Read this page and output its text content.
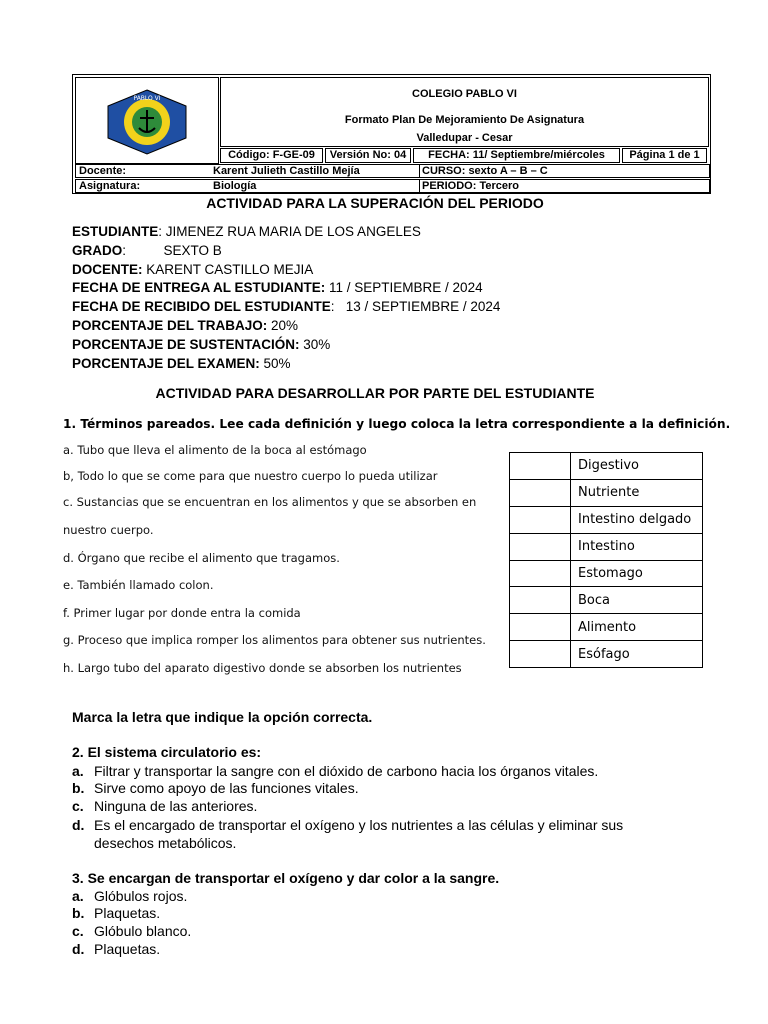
PABLO VI	COLEGIO PABLO VI
Formato Plan De Mejoramiento De Asignatura
Valledupar - Cesar
Código: F-GE-09	Versión No: 04	FECHA: 11/ Septiembre/miércoles	Página 1 de 1
Docente:	Karent Julieth Castillo Mejía	CURSO: sexto A – B – C
Asignatura:	Biología	PERIODO: Tercero
ACTIVIDAD PARA LA SUPERACIÓN DEL PERIODO
ESTUDIANTE: JIMENEZ RUA MARIA DE LOS ANGELES
GRADO:          SEXTO B
DOCENTE: KARENT CASTILLO MEJIA
FECHA DE ENTREGA AL ESTUDIANTE: 11 / SEPTIEMBRE / 2024
FECHA DE RECIBIDO DEL ESTUDIANTE:   13 / SEPTIEMBRE / 2024
PORCENTAJE DEL TRABAJO: 20%
PORCENTAJE DE SUSTENTACIÓN: 30%
PORCENTAJE DEL EXAMEN: 50%
ACTIVIDAD PARA DESARROLLAR POR PARTE DEL ESTUDIANTE
1. Términos pareados. Lee cada definición y luego coloca la letra correspondiente a la definición.
a. Tubo que lleva el alimento de la boca al estómago
b, Todo lo que se come para que nuestro cuerpo lo pueda utilizar
c. Sustancias que se encuentran en los alimentos y que se absorben en
nuestro cuerpo.
d. Órgano que recibe el alimento que tragamos.
e. También llamado colon.
f. Primer lugar por donde entra la comida
g. Proceso que implica romper los alimentos para obtener sus nutrientes.
h. Largo tubo del aparato digestivo donde se absorben los nutrientes
	Digestivo
	Nutriente
	Intestino delgado
	Intestino
	Estomago
	Boca
	Alimento
	Esófago
Marca la letra que indique la opción correcta.
2. El sistema circulatorio es:
a. Filtrar y transportar la sangre con el dióxido de carbono hacia los órganos vitales.
b. Sirve como apoyo de las funciones vitales.
c. Ninguna de las anteriores.
d. Es el encargado de transportar el oxígeno y los nutrientes a las células y eliminar sus
desechos metabólicos.
3. Se encargan de transportar el oxígeno y dar color a la sangre.
a. Glóbulos rojos.
b. Plaquetas.
c. Glóbulo blanco.
d. Plaquetas.
